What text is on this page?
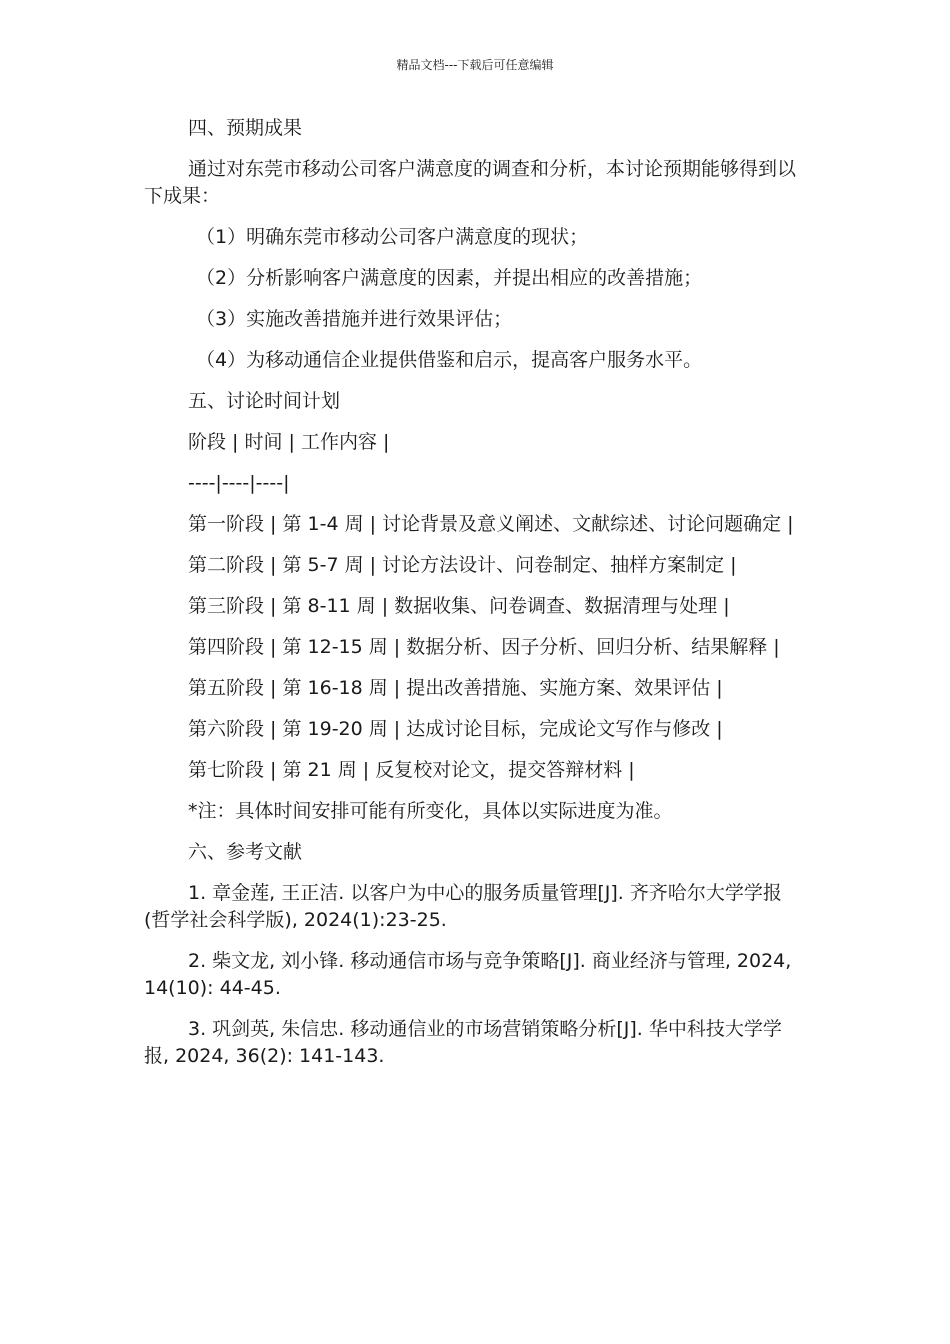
精品文档---下载后可任意编辑

四、预期成果

通过对东莞市移动公司客户满意度的调查和分析，本讨论预期能够得到以下成果：

（1）明确东莞市移动公司客户满意度的现状；

（2）分析影响客户满意度的因素，并提出相应的改善措施；

（3）实施改善措施并进行效果评估；

（4）为移动通信企业提供借鉴和启示，提高客户服务水平。

五、讨论时间计划

阶段 | 时间 | 工作内容 |

----|----|----|

第一阶段 | 第 1-4 周 | 讨论背景及意义阐述、文献综述、讨论问题确定 |

第二阶段 | 第 5-7 周 | 讨论方法设计、问卷制定、抽样方案制定 |

第三阶段 | 第 8-11 周 | 数据收集、问卷调查、数据清理与处理 |

第四阶段 | 第 12-15 周 | 数据分析、因子分析、回归分析、结果解释 |

第五阶段 | 第 16-18 周 | 提出改善措施、实施方案、效果评估 |

第六阶段 | 第 19-20 周 | 达成讨论目标，完成论文写作与修改 |

第七阶段 | 第 21 周 | 反复校对论文，提交答辩材料 |

*注：具体时间安排可能有所变化，具体以实际进度为准。

六、参考文献

1. 章金莲, 王正洁. 以客户为中心的服务质量管理[J]. 齐齐哈尔大学学报(哲学社会科学版), 2024(1):23-25.

2. 柴文龙, 刘小锋. 移动通信市场与竞争策略[J]. 商业经济与管理, 2024, 14(10): 44-45.

3. 巩剑英, 朱信忠. 移动通信业的市场营销策略分析[J]. 华中科技大学学报, 2024, 36(2): 141-143.
